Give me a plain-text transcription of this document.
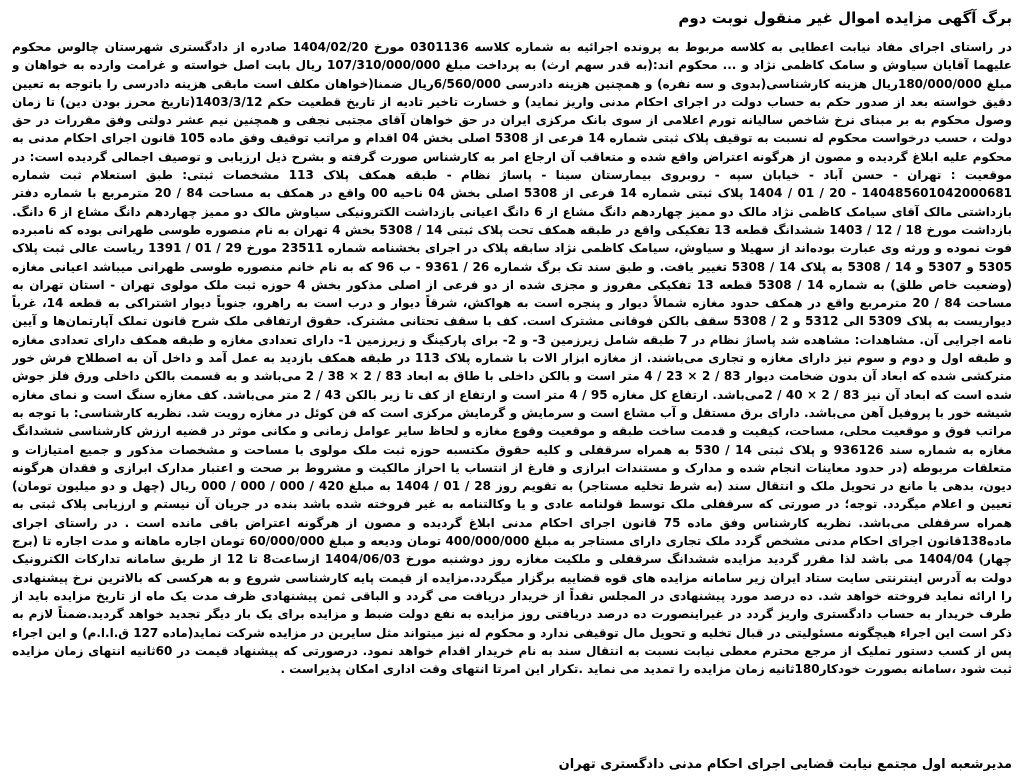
برگ آگهی مزایده اموال غیر منقول نوبت دوم

در راستای اجرای مفاد نیابت اعطایی به کلاسه مربوط به پرونده اجرائیه به شماره کلاسه 0301136 مورخ 1404/02/20 صادره از دادگستری شهرستان چالوس محکوم علیهما آقایان سیاوش و سامک کاظمی نژاد و ... محکوم اند:(به قدر سهم ارث) به پرداخت مبلغ 107/310/000/000 ریال بابت اصل خواسته و غرامت وارده به خواهان و مبلغ 180/000/000ریال هزینه کارشناسی(بدوی و سه نفره) و همچنین هزینه دادرسی 6/560/000ریال ضمنا(خواهان مکلف است مابقی هزینه دادرسی را باتوجه به تعیین دقیق خواسته بعد از صدور حکم به حساب دولت در اجرای احکام مدنی واریز نماید) و خسارت تاخیر تادیه از تاریخ قطعیت حکم 1403/3/12(تاریخ محرز بودن دین) تا زمان وصول محکوم به بر مبنای نرخ شاخص سالیانه تورم اعلامی از سوی بانک مرکزی ایران در حق خواهان آقای مجتبی نجفی و همچنین نیم عشر دولتی وفق مقررات در حق دولت ، حسب درخواست محکوم له نسبت به توقیف پلاک ثبتی شماره 14 فرعی از 5308 اصلی بخش 04 اقدام و مراتب توقیف وفق ماده 105 قانون اجرای احکام مدنی به محکوم علیه ابلاغ گردیده و مصون از هرگونه اعتراض واقع شده و متعاقب آن ارجاع امر به کارشناس صورت گرفته و بشرح ذیل ارزیابی و توصیف اجمالی گردیده است: در موقعیت : تهران - حسن آباد - خیابان سپه - روبروی بیمارستان سینا - پاساژ نظام - طبقه همکف پلاک 113 مشخصات ثبتی: طبق استعلام ثبت شماره 140485601042000681 - 20 / 01 / 1404 پلاک ثبتی شماره 14 فرعی از 5308 اصلی بخش 04 ناحیه 00 واقع در همکف به مساحت 84 / 20 مترمربع با شماره دفتر بازداشتی مالک آقای سیامک کاظمی نژاد مالک دو ممیز چهاردهم دانگ مشاع از 6 دانگ اعیانی بازداشت الکترونیکی سیاوش مالک دو ممیز چهاردهم دانگ مشاع از 6 دانگ. بازداشت مورخ 18 / 12 / 1403 ششدانگ قطعه 13 تفکیکی واقع در طبقه همکف تحت پلاک ثبتی 14 / 5308 بخش 4 تهران به نام منصوره طوسی طهرانی بوده که نامبرده فوت نموده و ورثه وی عبارت بوده‌اند از سهیلا و سیاوش، سیامک کاظمی نژاد سابقه پلاک در اجرای بخشنامه شماره 23511 مورخ 29 / 01 / 1391 ریاست عالی ثبت پلاک 5305 و 5307 و 14 / 5308 به پلاک 14 / 5308 تغییر یافت. و طبق سند تک برگ شماره 26 / 9361 - ب 96 که به نام خانم منصوره طوسی طهرانی میباشد اعیانی مغازه (وضعیت خاص طلق) به شماره 14 / 5308 قطعه 13 تفکیکی مفروز و مجزی شده از دو فرعی از اصلی مذکور بخش 4 حوزه ثبت ملک مولوی تهران - استان تهران به مساحت 84 / 20 مترمربع واقع در همکف حدود مغازه شمالاً دیوار و پنجره است به هواکش، شرقاً دیوار و درب است به راهرو، جنوباً دیوار اشتراکی به قطعه 14، غرباً دیواریست به پلاک 5309 الی 5312 و 2 / 5308 سقف بالکن فوقانی مشترک است. کف با سقف تحتانی مشترک. حقوق ارتفاقی ملک شرح قانون تملک آپارتمان‌ها و آیین نامه اجرایی آن. مشاهدات: مشاهده شد پاساژ نظام در 7 طبقه شامل زیرزمین 3- و 2- برای پارکینگ و زیرزمین 1- دارای تعدادی مغازه و طبقه همکف دارای تعدادی مغازه و طبقه اول و دوم و سوم نیز دارای مغازه و تجاری می‌باشند. از مغازه ابزار الات با شماره پلاک 113 در طبقه همکف بازدید به عمل آمد و داخل آن به اصطلاح فرش خور مترکشی شده که ابعاد آن بدون ضخامت دیوار 83 / 2 × 23 / 4 متر است و بالکن داخلی با طاق به ابعاد 83 / 2 × 38 / 2 می‌باشد و به قسمت بالکن داخلی ورق فلز جوش شده است که ابعاد آن نیز 83 / 2 × 40 / 2می‌باشد. ارتفاع کل مغازه 95 / 4 متر است و ارتفاع از کف تا زیر بالکن 43 / 2 متر می‌باشد. کف مغازه سنگ است و نمای مغازه شیشه خور با پروفیل آهن می‌باشد. دارای برق مستقل و آب مشاع است و سرمایش و گرمایش مرکزی است که فن کوئل در مغازه رویت شد. نظریه کارشناسی: با توجه به مراتب فوق و موقعیت محلی، مساحت، کیفیت و قدمت ساخت طبقه و موقعیت وقوع مغازه و لحاظ سایر عوامل زمانی و مکانی موثر در قضیه ارزش کارشناسی ششدانگ مغازه به شماره سند 936126 و پلاک ثبتی 14 / 530 به همراه سرقفلی و کلیه حقوق مکتسبه حوزه ثبت ملک مولوی با مساحت و مشخصات مذکور و جمیع امتیازات و متعلقات مربوطه (در حدود معاینات انجام شده و مدارک و مستندات ابرازی و فارغ از انتساب یا احراز مالکیت و مشروط بر صحت و اعتبار مدارک ابرازی و فقدان هرگونه دیون، بدهی یا مانع در تحویل ملک و انتقال سند (به شرط تخلیه مستاجر) به تقویم روز 28 / 01 / 1404 به مبلغ 420 / 000 / 000 / 000 ریال (چهل و دو میلیون تومان) تعیین و اعلام میگردد. توجه؛ در صورتی که سرقفلی ملک توسط قولنامه عادی و یا وکالتنامه به غیر فروخته شده باشد بنده در جریان آن نیستم و ارزیابی پلاک ثبتی به همراه سرقفلی می‌باشد. نظریه کارشناس وفق ماده 75 قانون اجرای احکام مدنی ابلاغ گردیده و مصون از هرگونه اعتراض باقی مانده است . در راستای اجرای ماده138قانون اجرای احکام مدنی مشخص گردد ملک تجاری دارای مستاجر به مبلغ 400/000/000 تومان ودیعه و مبلغ 60/000/000 تومان اجاره ماهانه و مدت اجاره تا (برج چهار) 1404/04 می باشد لذا مقرر گردید مزایده ششدانگ سرقفلی و ملکیت مغازه روز دوشنبه مورخ 1404/06/03 ازساعت8 تا 12 از طریق سامانه تدارکات الکترونیک دولت به آدرس اینترنتی سایت ستاد ایران زیر سامانه مزایده های قوه قضاییه برگزار میگردد.مزایده از قیمت پایه کارشناسی شروع و به هرکسی که بالاترین نرخ پیشنهادی را ارائه نماید فروخته خواهد شد. ده درصد مورد پیشنهادی در المجلس نقداً از خریدار دریافت می گردد و الباقی ثمن پیشنهادی ظرف مدت یک ماه از تاریخ مزایده باید از طرف خریدار به حساب دادگستری واریز گردد در غیراینصورت ده درصد دریافتی روز مزایده به نفع دولت ضبط و مزایده برای یک بار دیگر تجدید خواهد گردید.ضمناً لازم به ذکر است این اجراء هیچگونه مسئولیتی در قبال تخلیه و تحویل مال توقیفی ندارد و محکوم له نیز میتواند مثل سایرین در مزایده شرکت نماید(ماده 127 ق.ا.ا.م) و این اجراء پس از کسب دستور تملیک از مرجع محترم معطی نیابت نسبت به انتقال سند به نام خریدار اقدام خواهد نمود. درصورتی که پیشنهاد قیمت در 60ثانیه انتهای زمان مزایده ثبت شود ،سامانه بصورت خودکار180ثانیه زمان مزایده را تمدید می نماید .تکرار این امرتا انتهای وقت اداری امکان پذیراست .

مدیرشعبه اول مجتمع نیابت قضایی اجرای احکام مدنی دادگستری تهران
